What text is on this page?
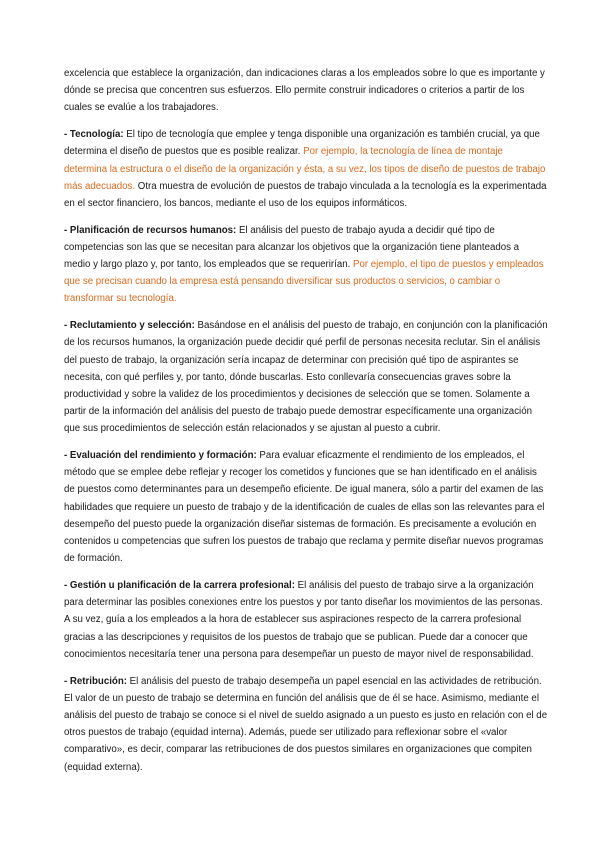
excelencia que establece la organización, dan indicaciones claras a los empleados sobre lo que es importante y dónde se precisa que concentren sus esfuerzos. Ello permite construir indicadores o criterios a partir de los cuales se evalúe a los trabajadores.

- Tecnología: El tipo de tecnología que emplee y tenga disponible una organización es también crucial, ya que determina el diseño de puestos que es posible realizar. Por ejemplo, la tecnología de línea de montaje determina la estructura o el diseño de la organización y ésta, a su vez, los tipos de diseño de puestos de trabajo más adecuados. Otra muestra de evolución de puestos de trabajo vinculada a la tecnología es la experimentada en el sector financiero, los bancos, mediante el uso de los equipos informáticos.

- Planificación de recursos humanos: El análisis del puesto de trabajo ayuda a decidir qué tipo de competencias son las que se necesitan para alcanzar los objetivos que la organización tiene planteados a medio y largo plazo y, por tanto, los empleados que se requerirían. Por ejemplo, el tipo de puestos y empleados que se precisan cuando la empresa está pensando diversificar sus productos o servicios, o cambiar o transformar su tecnología.

- Reclutamiento y selección: Basándose en el análisis del puesto de trabajo, en conjunción con la planificación de los recursos humanos, la organización puede decidir qué perfil de personas necesita reclutar. Sin el análisis del puesto de trabajo, la organización sería incapaz de determinar con precisión qué tipo de aspirantes se necesita, con qué perfiles y, por tanto, dónde buscarlas. Esto conllevaría consecuencias graves sobre la productividad y sobre la validez de los procedimientos y decisiones de selección que se tomen. Solamente a partir de la información del análisis del puesto de trabajo puede demostrar específicamente una organización que sus procedimientos de selección están relacionados y se ajustan al puesto a cubrir.

- Evaluación del rendimiento y formación: Para evaluar eficazmente el rendimiento de los empleados, el método que se emplee debe reflejar y recoger los cometidos y funciones que se han identificado en el análisis de puestos como determinantes para un desempeño eficiente. De igual manera, sólo a partir del examen de las habilidades que requiere un puesto de trabajo y de la identificación de cuales de ellas son las relevantes para el desempeño del puesto puede la organización diseñar sistemas de formación. Es precisamente a evolución en contenidos u competencias que sufren los puestos de trabajo que reclama y permite diseñar nuevos programas de formación.

- Gestión u planificación de la carrera profesional: El análisis del puesto de trabajo sirve a la organización para determinar las posibles conexiones entre los puestos y por tanto diseñar los movimientos de las personas. A su vez, guía a los empleados a la hora de establecer sus aspiraciones respecto de la carrera profesional gracias a las descripciones y requisitos de los puestos de trabajo que se publican. Puede dar a conocer que conocimientos necesitaría tener una persona para desempeñar un puesto de mayor nivel de responsabilidad.

- Retribución: El análisis del puesto de trabajo desempeña un papel esencial en las actividades de retribución. El valor de un puesto de trabajo se determina en función del análisis que de él se hace. Asimismo, mediante el análisis del puesto de trabajo se conoce si el nivel de sueldo asignado a un puesto es justo en relación con el de otros puestos de trabajo (equidad interna). Además, puede ser utilizado para reflexionar sobre el «valor comparativo», es decir, comparar las retribuciones de dos puestos similares en organizaciones que compiten (equidad externa).
